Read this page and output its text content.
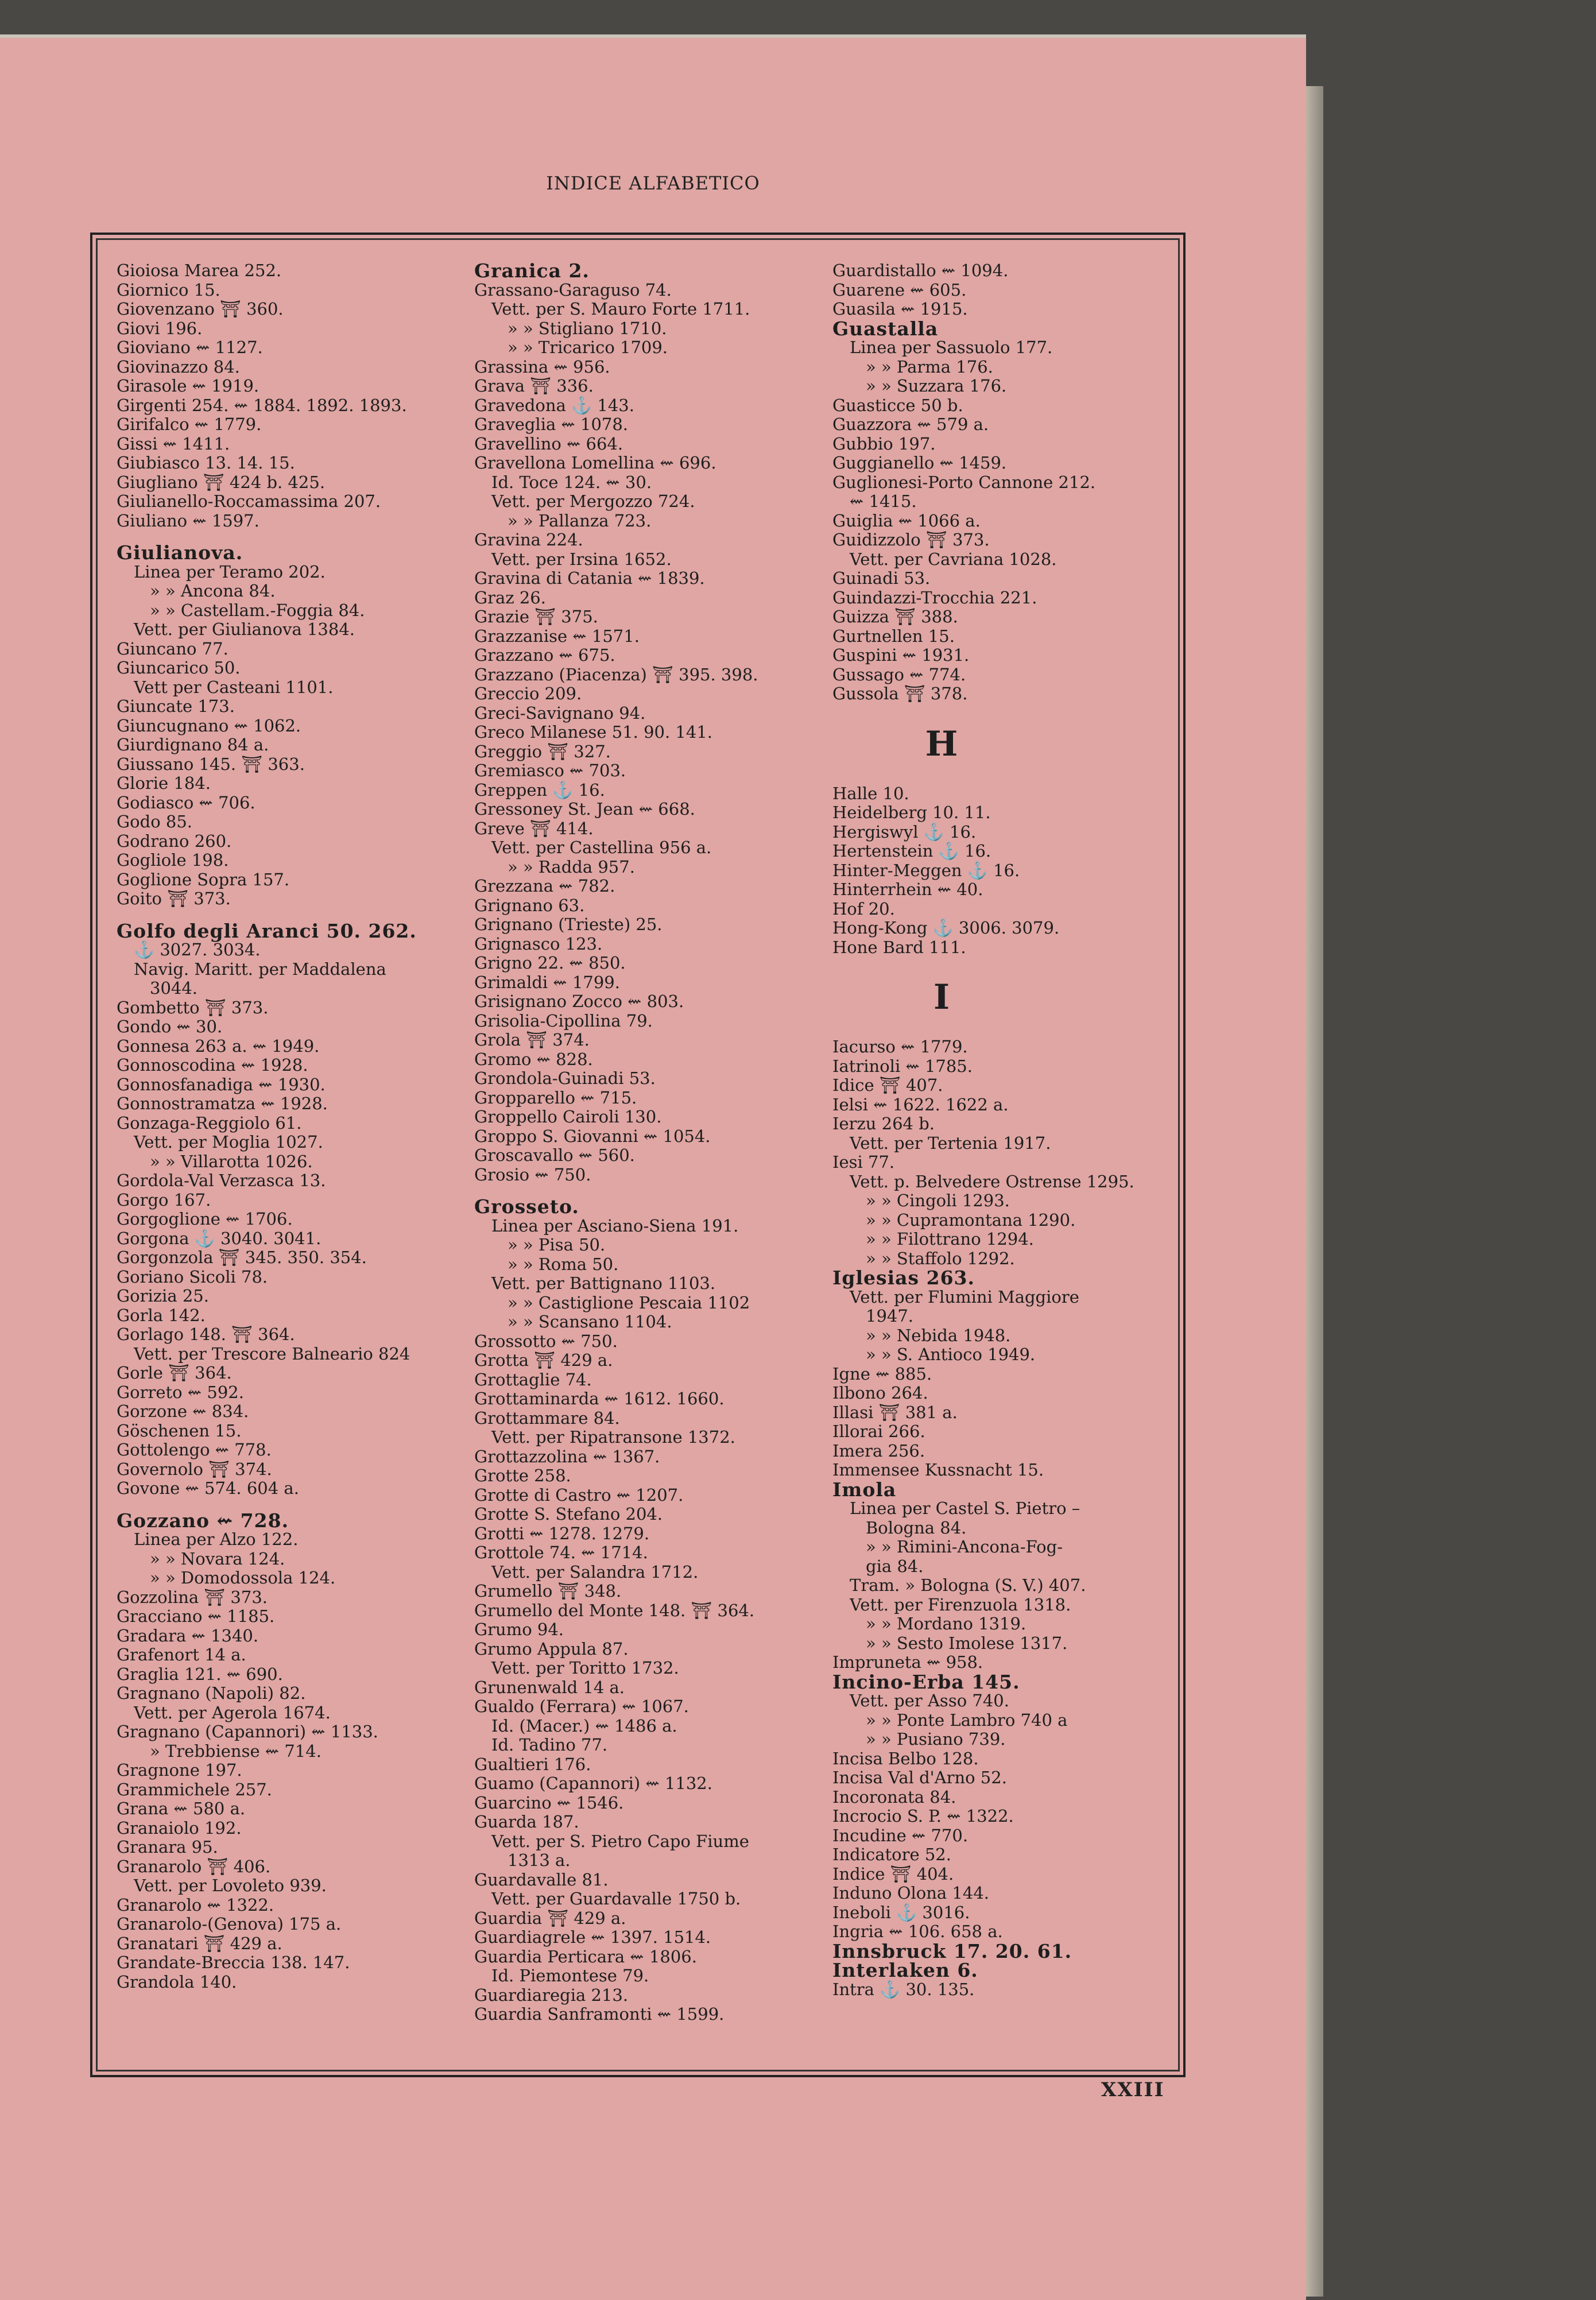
INDICE ALFABETICO
Gioiosa Marea 252.
Giornico 15.
Giovenzano ⛩ 360.
Giovi 196.
Gioviano ⇜ 1127.
Giovinazzo 84.
Girasole ⇜ 1919.
Girgenti 254. ⇜ 1884. 1892. 1893.
Girifalco ⇜ 1779.
Gissi ⇜ 1411.
Giubiasco 13. 14. 15.
Giugliano ⛩ 424 b. 425.
Giulianello-Roccamassima 207.
Giuliano ⇜ 1597.
Giulianova.
Linea per Teramo 202.
» » Ancona 84.
» » Castellam.-Foggia 84.
Vett. per Giulianova 1384.
Giuncano 77.
Giuncarico 50.
Vett per Casteani 1101.
Giuncate 173.
Giuncugnano ⇜ 1062.
Giurdignano 84 a.
Giussano 145. ⛩ 363.
Glorie 184.
Godiasco ⇜ 706.
Godo 85.
Godrano 260.
Gogliole 198.
Goglione Sopra 157.
Goito ⛩ 373.
Golfo degli Aranci 50. 262.
⚓ 3027. 3034.
Navig. Maritt. per Maddalena
3044.
Gombetto ⛩ 373.
Gondo ⇜ 30.
Gonnesa 263 a. ⇜ 1949.
Gonnoscodina ⇜ 1928.
Gonnosfanadiga ⇜ 1930.
Gonnostramatza ⇜ 1928.
Gonzaga-Reggiolo 61.
Vett. per Moglia 1027.
» » Villarotta 1026.
Gordola-Val Verzasca 13.
Gorgo 167.
Gorgoglione ⇜ 1706.
Gorgona ⚓ 3040. 3041.
Gorgonzola ⛩ 345. 350. 354.
Goriano Sicoli 78.
Gorizia 25.
Gorla 142.
Gorlago 148. ⛩ 364.
Vett. per Trescore Balneario 824
Gorle ⛩ 364.
Gorreto ⇜ 592.
Gorzone ⇜ 834.
Göschenen 15.
Gottolengo ⇜ 778.
Governolo ⛩ 374.
Govone ⇜ 574. 604 a.
Gozzano ⇜ 728.
Linea per Alzo 122.
» » Novara 124.
» » Domodossola 124.
Gozzolina ⛩ 373.
Gracciano ⇜ 1185.
Gradara ⇜ 1340.
Grafenort 14 a.
Graglia 121. ⇜ 690.
Gragnano (Napoli) 82.
Vett. per Agerola 1674.
Gragnano (Capannori) ⇜ 1133.
» Trebbiense ⇜ 714.
Gragnone 197.
Grammichele 257.
Grana ⇜ 580 a.
Granaiolo 192.
Granara 95.
Granarolo ⛩ 406.
Vett. per Lovoleto 939.
Granarolo ⇜ 1322.
Granarolo-(Genova) 175 a.
Granatari ⛩ 429 a.
Grandate-Breccia 138. 147.
Grandola 140.
Granica 2.
Grassano-Garaguso 74.
Vett. per S. Mauro Forte 1711.
» » Stigliano 1710.
» » Tricarico 1709.
Grassina ⇜ 956.
Grava ⛩ 336.
Gravedona ⚓ 143.
Graveglia ⇜ 1078.
Gravellino ⇜ 664.
Gravellona Lomellina ⇜ 696.
Id. Toce 124. ⇜ 30.
Vett. per Mergozzo 724.
» » Pallanza 723.
Gravina 224.
Vett. per Irsina 1652.
Gravina di Catania ⇜ 1839.
Graz 26.
Grazie ⛩ 375.
Grazzanise ⇜ 1571.
Grazzano ⇜ 675.
Grazzano (Piacenza) ⛩ 395. 398.
Greccio 209.
Greci-Savignano 94.
Greco Milanese 51. 90. 141.
Greggio ⛩ 327.
Gremiasco ⇜ 703.
Greppen ⚓ 16.
Gressoney St. Jean ⇜ 668.
Greve ⛩ 414.
Vett. per Castellina 956 a.
» » Radda 957.
Grezzana ⇜ 782.
Grignano 63.
Grignano (Trieste) 25.
Grignasco 123.
Grigno 22. ⇜ 850.
Grimaldi ⇜ 1799.
Grisignano Zocco ⇜ 803.
Grisolia-Cipollina 79.
Grola ⛩ 374.
Gromo ⇜ 828.
Grondola-Guinadi 53.
Gropparello ⇜ 715.
Groppello Cairoli 130.
Groppo S. Giovanni ⇜ 1054.
Groscavallo ⇜ 560.
Grosio ⇜ 750.
Grosseto.
Linea per Asciano-Siena 191.
» » Pisa 50.
» » Roma 50.
Vett. per Battignano 1103.
» » Castiglione Pescaia 1102
» » Scansano 1104.
Grossotto ⇜ 750.
Grotta ⛩ 429 a.
Grottaglie 74.
Grottaminarda ⇜ 1612. 1660.
Grottammare 84.
Vett. per Ripatransone 1372.
Grottazzolina ⇜ 1367.
Grotte 258.
Grotte di Castro ⇜ 1207.
Grotte S. Stefano 204.
Grotti ⇜ 1278. 1279.
Grottole 74. ⇜ 1714.
Vett. per Salandra 1712.
Grumello ⛩ 348.
Grumello del Monte 148. ⛩ 364.
Grumo 94.
Grumo Appula 87.
Vett. per Toritto 1732.
Grunenwald 14 a.
Gualdo (Ferrara) ⇜ 1067.
Id. (Macer.) ⇜ 1486 a.
Id. Tadino 77.
Gualtieri 176.
Guamo (Capannori) ⇜ 1132.
Guarcino ⇜ 1546.
Guarda 187.
Vett. per S. Pietro Capo Fiume
1313 a.
Guardavalle 81.
Vett. per Guardavalle 1750 b.
Guardia ⛩ 429 a.
Guardiagrele ⇜ 1397. 1514.
Guardia Perticara ⇜ 1806.
Id. Piemontese 79.
Guardiaregia 213.
Guardia Sanframonti ⇜ 1599.
Guardistallo ⇜ 1094.
Guarene ⇜ 605.
Guasila ⇜ 1915.
Guastalla
Linea per Sassuolo 177.
» » Parma 176.
» » Suzzara 176.
Guasticce 50 b.
Guazzora ⇜ 579 a.
Gubbio 197.
Guggianello ⇜ 1459.
Guglionesi-Porto Cannone 212.
⇜ 1415.
Guiglia ⇜ 1066 a.
Guidizzolo ⛩ 373.
Vett. per Cavriana 1028.
Guinadi 53.
Guindazzi-Trocchia 221.
Guizza ⛩ 388.
Gurtnellen 15.
Guspini ⇜ 1931.
Gussago ⇜ 774.
Gussola ⛩ 378.
H
Halle 10.
Heidelberg 10. 11.
Hergiswyl ⚓ 16.
Hertenstein ⚓ 16.
Hinter-Meggen ⚓ 16.
Hinterrhein ⇜ 40.
Hof 20.
Hong-Kong ⚓ 3006. 3079.
Hone Bard 111.
I
Iacurso ⇜ 1779.
Iatrinoli ⇜ 1785.
Idice ⛩ 407.
Ielsi ⇜ 1622. 1622 a.
Ierzu 264 b.
Vett. per Tertenia 1917.
Iesi 77.
Vett. p. Belvedere Ostrense 1295.
» » Cingoli 1293.
» » Cupramontana 1290.
» » Filottrano 1294.
» » Staffolo 1292.
Iglesias 263.
Vett. per Flumini Maggiore
1947.
» » Nebida 1948.
» » S. Antioco 1949.
Igne ⇜ 885.
Ilbono 264.
Illasi ⛩ 381 a.
Illorai 266.
Imera 256.
Immensee Kussnacht 15.
Imola
Linea per Castel S. Pietro –
Bologna 84.
» » Rimini-Ancona-Fog-
gia 84.
Tram. » Bologna (S. V.) 407.
Vett. per Firenzuola 1318.
» » Mordano 1319.
» » Sesto Imolese 1317.
Impruneta ⇜ 958.
Incino-Erba 145.
Vett. per Asso 740.
» » Ponte Lambro 740 a
» » Pusiano 739.
Incisa Belbo 128.
Incisa Val d'Arno 52.
Incoronata 84.
Incrocio S. P. ⇜ 1322.
Incudine ⇜ 770.
Indicatore 52.
Indice ⛩ 404.
Induno Olona 144.
Ineboli ⚓ 3016.
Ingria ⇜ 106. 658 a.
Innsbruck 17. 20. 61.
Interlaken 6.
Intra ⚓ 30. 135.
XXIII
